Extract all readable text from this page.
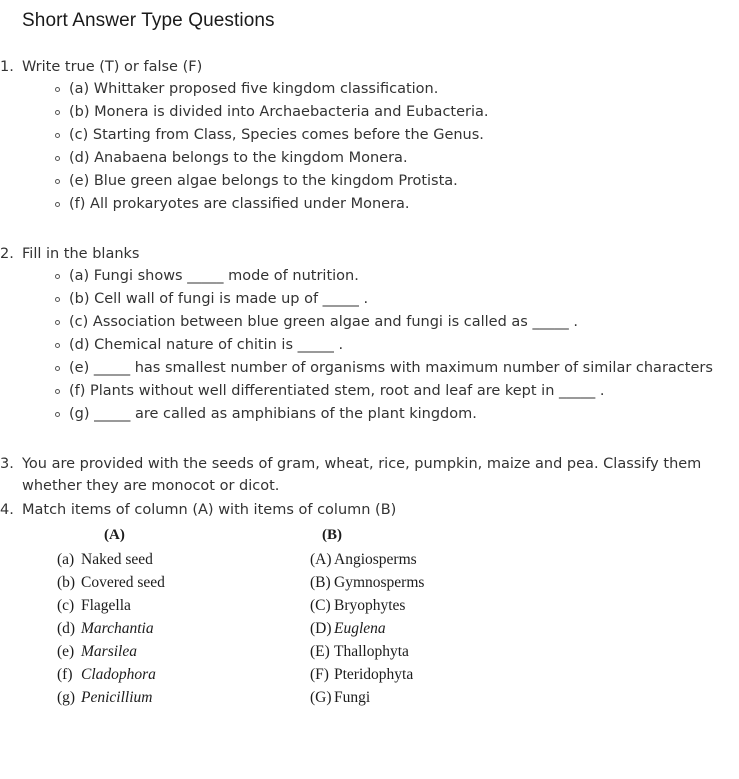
Short Answer Type Questions
1. Write true (T) or false (F)
(a) Whittaker proposed five kingdom classification.
(b) Monera is divided into Archaebacteria and Eubacteria.
(c) Starting from Class, Species comes before the Genus.
(d) Anabaena belongs to the kingdom Monera.
(e) Blue green algae belongs to the kingdom Protista.
(f) All prokaryotes are classified under Monera.
2. Fill in the blanks
(a) Fungi shows _____ mode of nutrition.
(b) Cell wall of fungi is made up of _____ .
(c) Association between blue green algae and fungi is called as _____ .
(d) Chemical nature of chitin is _____ .
(e) _____ has smallest number of organisms with maximum number of similar characters
(f) Plants without well differentiated stem, root and leaf are kept in _____ .
(g) _____ are called as amphibians of the plant kingdom.
3. You are provided with the seeds of gram, wheat, rice, pumpkin, maize and pea. Classify them whether they are monocot or dicot.
4. Match items of column (A) with items of column (B)
(A)	(B)
(a) Naked seed	(A) Angiosperms
(b) Covered seed	(B) Gymnosperms
(c) Flagella	(C) Bryophytes
(d) Marchantia	(D) Euglena
(e) Marsilea	(E) Thallophyta
(f) Cladophora	(F) Pteridophyta
(g) Penicillium	(G) Fungi
